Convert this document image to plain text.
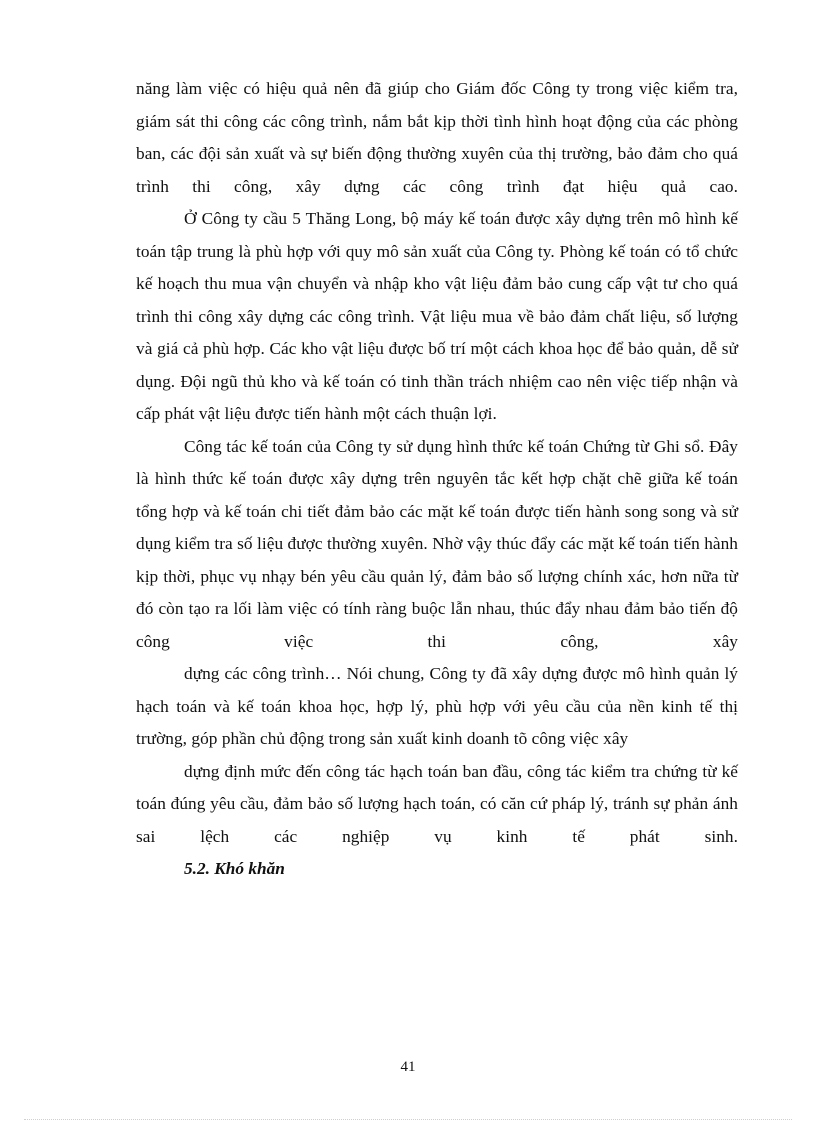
năng làm việc có hiệu quả nên đã giúp cho Giám đốc Công ty trong việc kiểm tra, giám sát thi công các công trình, nắm bắt kịp thời tình hình hoạt động của các phòng ban, các đội sản xuất và sự biến động thường xuyên của thị trường, bảo đảm cho quá trình thi công, xây dựng các công trình đạt hiệu quả cao.

Ở Công ty cầu 5 Thăng Long, bộ máy kế toán được xây dựng trên mô hình kế toán tập trung là phù hợp với quy mô sản xuất của Công ty. Phòng kế toán có tổ chức kế hoạch thu mua vận chuyển và nhập kho vật liệu đảm bảo cung cấp vật tư cho quá trình thi công xây dựng các công trình. Vật liệu mua về bảo đảm chất liệu, số lượng và giá cả phù hợp. Các kho vật liệu được bố trí một cách khoa học để bảo quản, dễ sử dụng. Đội ngũ thủ kho và kế toán có tinh thần trách nhiệm cao nên việc tiếp nhận và cấp phát vật liệu được tiến hành một cách thuận lợi.

Công tác kế toán của Công ty sử dụng hình thức kế toán Chứng từ Ghi sổ. Đây là hình thức kế toán được xây dựng trên nguyên tắc kết hợp chặt chẽ giữa kế toán tổng hợp và kế toán chi tiết đảm bảo các mặt kế toán được tiến hành song song và sử dụng kiểm tra số liệu được thường xuyên. Nhờ vậy thúc đẩy các mặt kế toán tiến hành kịp thời, phục vụ nhạy bén yêu cầu quản lý, đảm bảo số lượng chính xác, hơn nữa từ đó còn tạo ra lối làm việc có tính ràng buộc lẫn nhau, thúc đẩy nhau đảm bảo tiến độ công việc thi công, xây

dựng các công trình… Nói chung, Công ty đã xây dựng được mô hình quản lý hạch toán và kế toán khoa học, hợp lý, phù hợp với yêu cầu của nền kinh tế thị trường, góp phần chủ động trong sản xuất kinh doanh tõ công việc xây

dựng định mức đến công tác hạch toán ban đầu, công tác kiểm tra chứng từ kế toán đúng yêu cầu, đảm bảo số lượng hạch toán, có căn cứ pháp lý, tránh sự phản ánh sai lệch các nghiệp vụ kinh tế phát sinh.

5.2. Khó khăn

41
